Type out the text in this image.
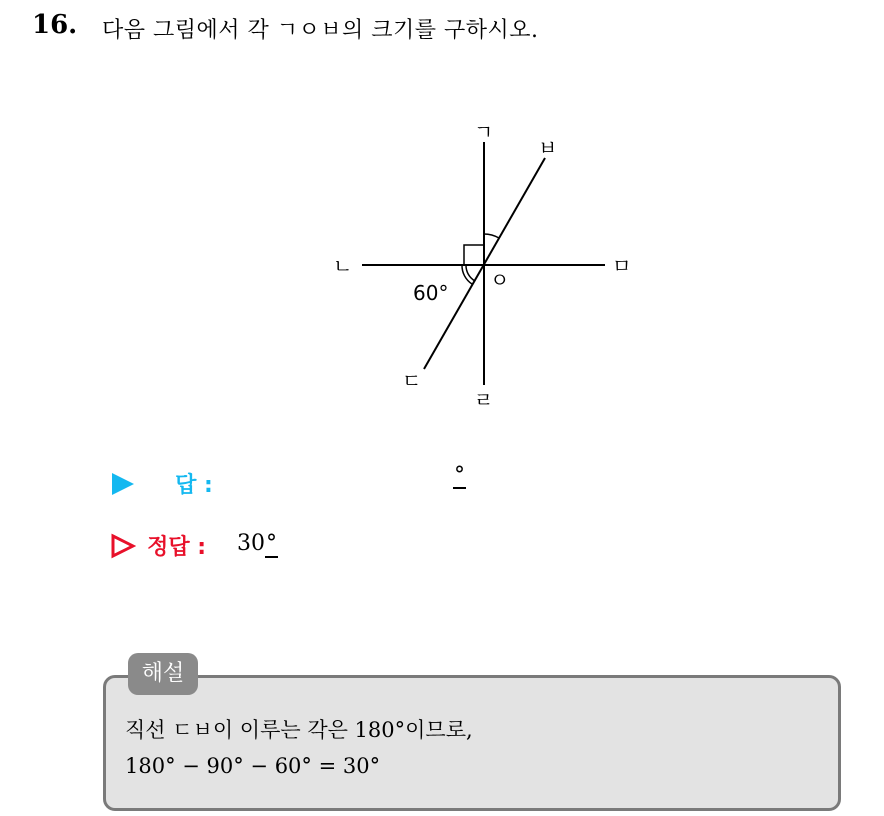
16. 다음 그림에서 각 ㄱㅇㅂ의 크기를 구하시오.
ㄱ
ㅂ
ㄴ	ㅁ
ㅇ
ㄷ
ㄹ
60°
답 :	°
정답 : 30°
해설
직선 ㄷㅂ이 이루는 각은 180°이므로,
180° − 90° − 60° = 30°
